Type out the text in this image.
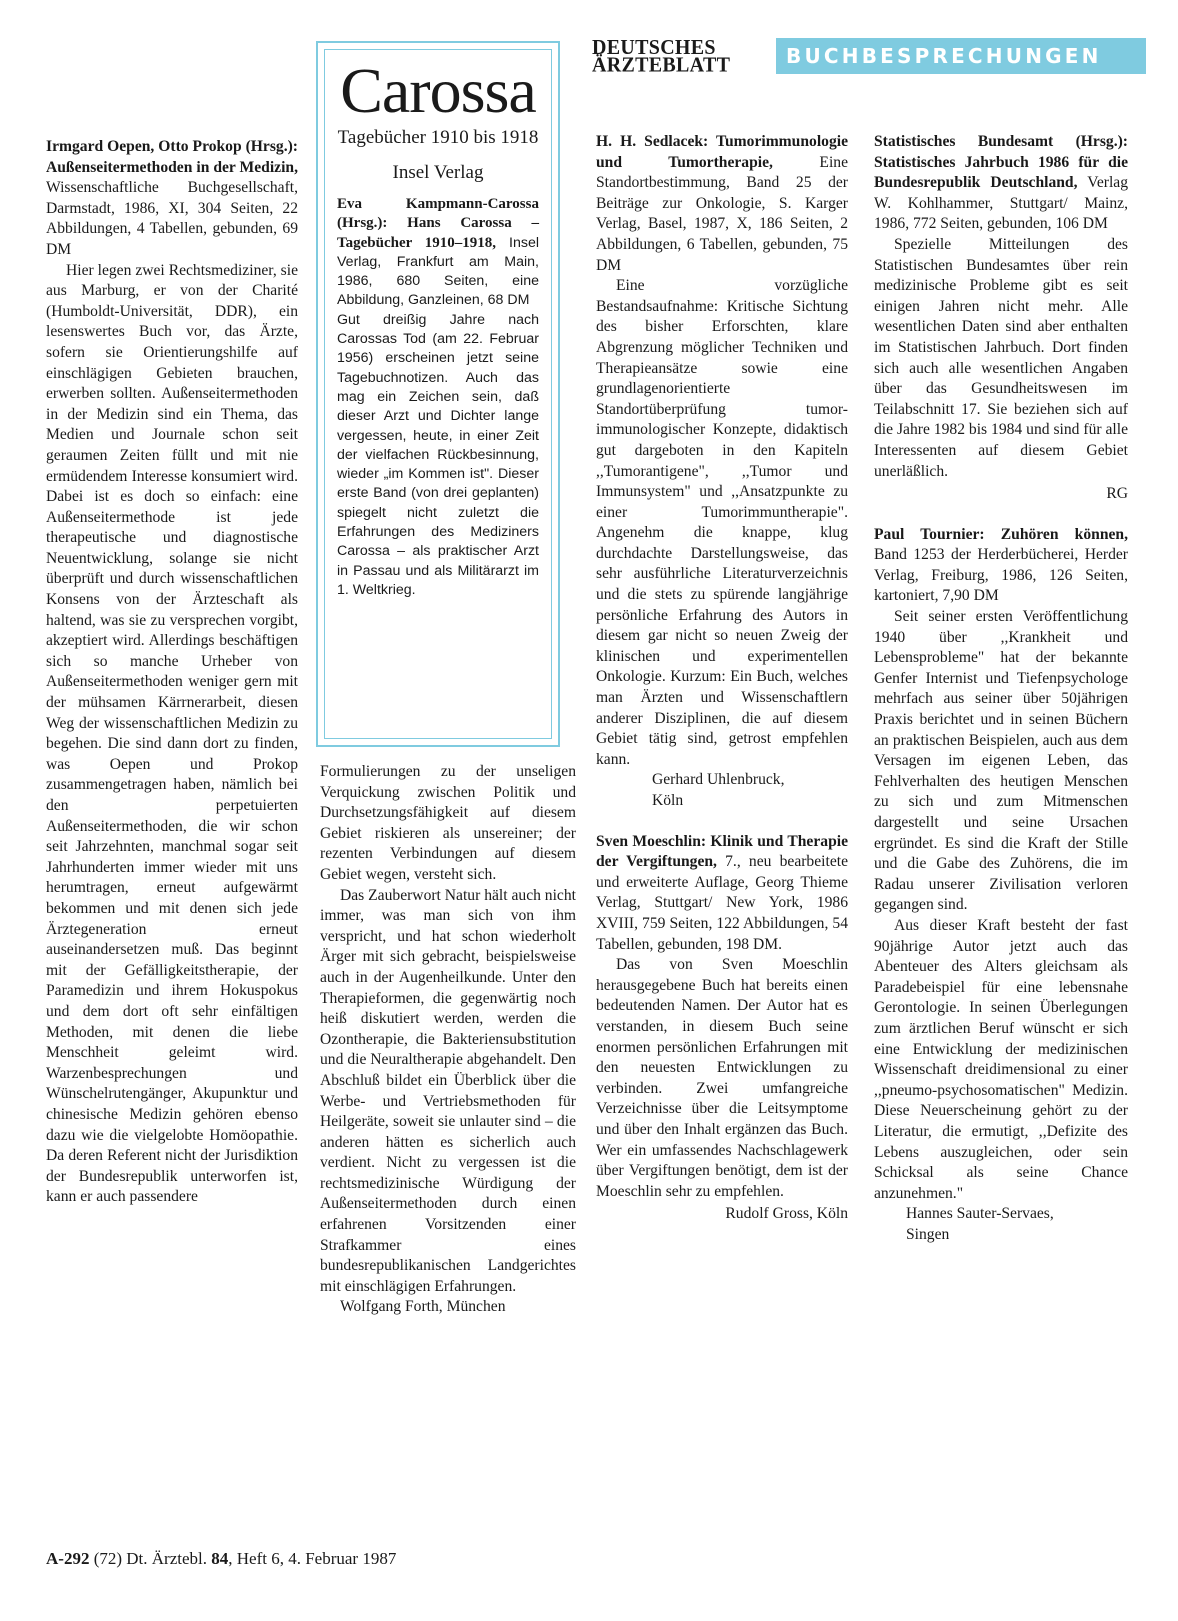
DEUTSCHES ÄRZTEBLATT	BUCHBESPRECHUNGEN

Irmgard Oepen, Otto Prokop (Hrsg.): Außenseitermethoden in der Medizin, Wissenschaftliche Buchgesellschaft, Darmstadt, 1986, XI, 304 Seiten, 22 Abbildungen, 4 Tabellen, gebunden, 69 DM

Hier legen zwei Rechtsmediziner, sie aus Marburg, er von der Charité (Humboldt-Universität, DDR), ein lesenswertes Buch vor, das Ärzte, sofern sie Orientierungshilfe auf einschlägigen Gebieten brauchen, erwerben sollten. Außenseitermethoden in der Medizin sind ein Thema, das Medien und Journale schon seit geraumen Zeiten füllt und mit nie ermüdendem Interesse konsumiert wird. Dabei ist es doch so einfach: eine Außenseitermethode ist jede therapeutische und diagnostische Neuentwicklung, solange sie nicht überprüft und durch wissenschaftlichen Konsens von der Ärzteschaft als haltend, was sie zu versprechen vorgibt, akzeptiert wird. Allerdings beschäftigen sich so manche Urheber von Außenseitermethoden weniger gern mit der mühsamen Kärrnerarbeit, diesen Weg der wissenschaftlichen Medizin zu begehen. Die sind dann dort zu finden, was Oepen und Prokop zusammengetragen haben, nämlich bei den perpetuierten Außenseitermethoden, die wir schon seit Jahrzehnten, manchmal sogar seit Jahrhunderten immer wieder mit uns herumtragen, erneut aufgewärmt bekommen und mit denen sich jede Ärztegeneration erneut auseinandersetzen muß. Das beginnt mit der Gefälligkeitstherapie, der Paramedizin und ihrem Hokuspokus und dem dort oft sehr einfältigen Methoden, mit denen die liebe Menschheit geleimt wird. Warzenbesprechungen und Wünschelrutengänger, Akupunktur und chinesische Medizin gehören ebenso dazu wie die vielgelobte Homöopathie. Da deren Referent nicht der Jurisdiktion der Bundesrepublik unterworfen ist, kann er auch passendere

Carossa
Tagebücher 1910 bis 1918
Insel Verlag
Eva Kampmann-Carossa (Hrsg.): Hans Carossa – Tagebücher 1910–1918, Insel Verlag, Frankfurt am Main, 1986, 680 Seiten, eine Abbildung, Ganzleinen, 68 DM
Gut dreißig Jahre nach Carossas Tod (am 22. Februar 1956) erscheinen jetzt seine Tagebuchnotizen. Auch das mag ein Zeichen sein, daß dieser Arzt und Dichter lange vergessen, heute, in einer Zeit der vielfachen Rückbesinnung, wieder „im Kommen ist". Dieser erste Band (von drei geplanten) spiegelt nicht zuletzt die Erfahrungen des Mediziners Carossa – als praktischer Arzt in Passau und als Militärarzt im 1. Weltkrieg.

Formulierungen zu der unseligen Verquickung zwischen Politik und Durchsetzungsfähigkeit auf diesem Gebiet riskieren als unsereiner; der rezenten Verbindungen auf diesem Gebiet wegen, versteht sich.

Das Zauberwort Natur hält auch nicht immer, was man sich von ihm verspricht, und hat schon wiederholt Ärger mit sich gebracht, beispielsweise auch in der Augenheilkunde. Unter den Therapieformen, die gegenwärtig noch heiß diskutiert werden, werden die Ozontherapie, die Bakteriensubstitution und die Neuraltherapie abgehandelt. Den Abschluß bildet ein Überblick über die Werbe- und Vertriebsmethoden für Heilgeräte, soweit sie unlauter sind – die anderen hätten es sicherlich auch verdient. Nicht zu vergessen ist die rechtsmedizinische Würdigung der Außenseitermethoden durch einen erfahrenen Vorsitzenden einer Strafkammer eines bundesrepublikanischen Landgerichtes mit einschlägigen Erfahrungen.

Wolfgang Forth, München

H. H. Sedlacek: Tumorimmunologie und Tumortherapie, Eine Standortbestimmung, Band 25 der Beiträge zur Onkologie, S. Karger Verlag, Basel, 1987, X, 186 Seiten, 2 Abbildungen, 6 Tabellen, gebunden, 75 DM

Eine vorzügliche Bestandsaufnahme: Kritische Sichtung des bisher Erforschten, klare Abgrenzung möglicher Techniken und Therapieansätze sowie eine grundlagenorientierte Standortüberprüfung tumor-immunologischer Konzepte, didaktisch gut dargeboten in den Kapiteln ,,Tumorantigene", ,,Tumor und Immunsystem" und ,,Ansatzpunkte zu einer Tumorimmuntherapie". Angenehm die knappe, klug durchdachte Darstellungsweise, das sehr ausführliche Literaturverzeichnis und die stets zu spürende langjährige persönliche Erfahrung des Autors in diesem gar nicht so neuen Zweig der klinischen und experimentellen Onkologie. Kurzum: Ein Buch, welches man Ärzten und Wissenschaftlern anderer Disziplinen, die auf diesem Gebiet tätig sind, getrost empfehlen kann.

Gerhard Uhlenbruck,
Köln

Sven Moeschlin: Klinik und Therapie der Vergiftungen, 7., neu bearbeitete und erweiterte Auflage, Georg Thieme Verlag, Stuttgart/ New York, 1986 XVIII, 759 Seiten, 122 Abbildungen, 54 Tabellen, gebunden, 198 DM.

Das von Sven Moeschlin herausgegebene Buch hat bereits einen bedeutenden Namen. Der Autor hat es verstanden, in diesem Buch seine enormen persönlichen Erfahrungen mit den neuesten Entwicklungen zu verbinden. Zwei umfangreiche Verzeichnisse über die Leitsymptome und über den Inhalt ergänzen das Buch. Wer ein umfassendes Nachschlagewerk über Vergiftungen benötigt, dem ist der Moeschlin sehr zu empfehlen.

Rudolf Gross, Köln

Statistisches Bundesamt (Hrsg.): Statistisches Jahrbuch 1986 für die Bundesrepublik Deutschland, Verlag W. Kohlhammer, Stuttgart/ Mainz, 1986, 772 Seiten, gebunden, 106 DM

Spezielle Mitteilungen des Statistischen Bundesamtes über rein medizinische Probleme gibt es seit einigen Jahren nicht mehr. Alle wesentlichen Daten sind aber enthalten im Statistischen Jahrbuch. Dort finden sich auch alle wesentlichen Angaben über das Gesundheitswesen im Teilabschnitt 17. Sie beziehen sich auf die Jahre 1982 bis 1984 und sind für alle Interessenten auf diesem Gebiet unerläßlich.

RG

Paul Tournier: Zuhören können, Band 1253 der Herderbücherei, Herder Verlag, Freiburg, 1986, 126 Seiten, kartoniert, 7,90 DM

Seit seiner ersten Veröffentlichung 1940 über ,,Krankheit und Lebensprobleme" hat der bekannte Genfer Internist und Tiefenpsychologe mehrfach aus seiner über 50jährigen Praxis berichtet und in seinen Büchern an praktischen Beispielen, auch aus dem Versagen im eigenen Leben, das Fehlverhalten des heutigen Menschen zu sich und zum Mitmenschen dargestellt und seine Ursachen ergründet. Es sind die Kraft der Stille und die Gabe des Zuhörens, die im Radau unserer Zivilisation verloren gegangen sind.

Aus dieser Kraft besteht der fast 90jährige Autor jetzt auch das Abenteuer des Alters gleichsam als Paradebeispiel für eine lebensnahe Gerontologie. In seinen Überlegungen zum ärztlichen Beruf wünscht er sich eine Entwicklung der medizinischen Wissenschaft dreidimensional zu einer ,,pneumo-psychosomatischen" Medizin. Diese Neuerscheinung gehört zu der Literatur, die ermutigt, ,,Defizite des Lebens auszugleichen, oder sein Schicksal als seine Chance anzunehmen."

Hannes Sauter-Servaes,
Singen
A-292 (72) Dt. Ärztebl. 84, Heft 6, 4. Februar 1987
